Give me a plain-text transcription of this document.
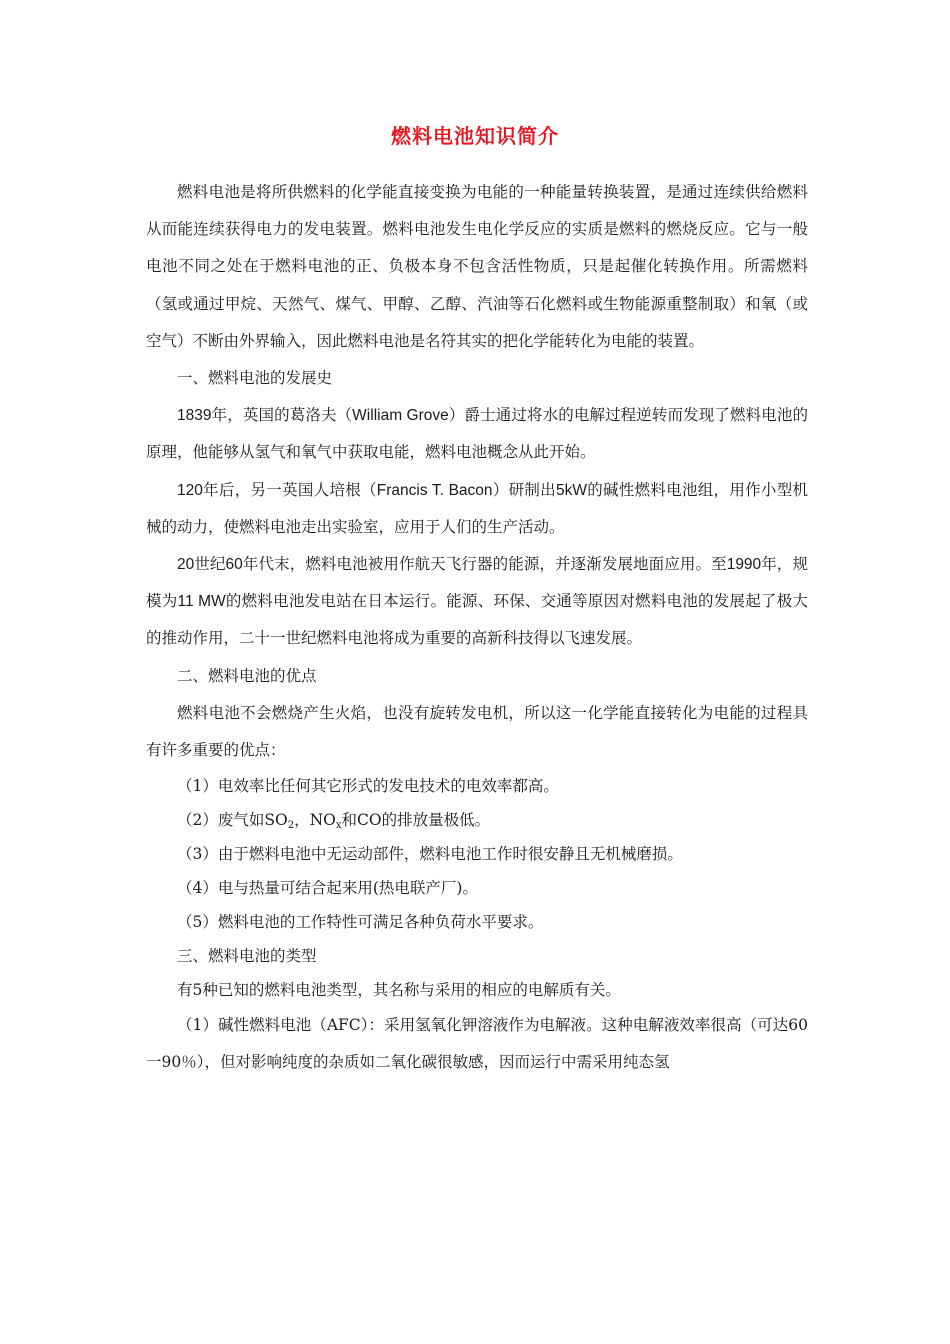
燃料电池知识简介

燃料电池是将所供燃料的化学能直接变换为电能的一种能量转换装置，是通过连续供给燃料从而能连续获得电力的发电装置。燃料电池发生电化学反应的实质是燃料的燃烧反应。它与一般电池不同之处在于燃料电池的正、负极本身不包含活性物质，只是起催化转换作用。所需燃料（氢或通过甲烷、天然气、煤气、甲醇、乙醇、汽油等石化燃料或生物能源重整制取）和氧（或空气）不断由外界输入，因此燃料电池是名符其实的把化学能转化为电能的装置。

一、燃料电池的发展史

1839年，英国的葛洛夫（William Grove）爵士通过将水的电解过程逆转而发现了燃料电池的原理，他能够从氢气和氧气中获取电能，燃料电池概念从此开始。

120年后，另一英国人培根（Francis T. Bacon）研制出5kW的碱性燃料电池组，用作小型机械的动力，使燃料电池走出实验室，应用于人们的生产活动。

20世纪60年代末，燃料电池被用作航天飞行器的能源，并逐渐发展地面应用。至1990年，规模为11 MW的燃料电池发电站在日本运行。能源、环保、交通等原因对燃料电池的发展起了极大的推动作用，二十一世纪燃料电池将成为重要的高新科技得以飞速发展。

二、燃料电池的优点

燃料电池不会燃烧产生火焰，也没有旋转发电机，所以这一化学能直接转化为电能的过程具有许多重要的优点：

（1）电效率比任何其它形式的发电技术的电效率都高。

（2）废气如$SO_2$，$NO_x$和CO的排放量极低。

（3）由于燃料电池中无运动部件，燃料电池工作时很安静且无机械磨损。

（4）电与热量可结合起来用(热电联产厂)。

（5）燃料电池的工作特性可满足各种负荷水平要求。

三、燃料电池的类型

有5种已知的燃料电池类型，其名称与采用的相应的电解质有关。

（1）碱性燃料电池（AFC）：采用氢氧化钾溶液作为电解液。这种电解液效率很高（可达60一90％），但对影响纯度的杂质如二氧化碳很敏感，因而运行中需采用纯态氢
